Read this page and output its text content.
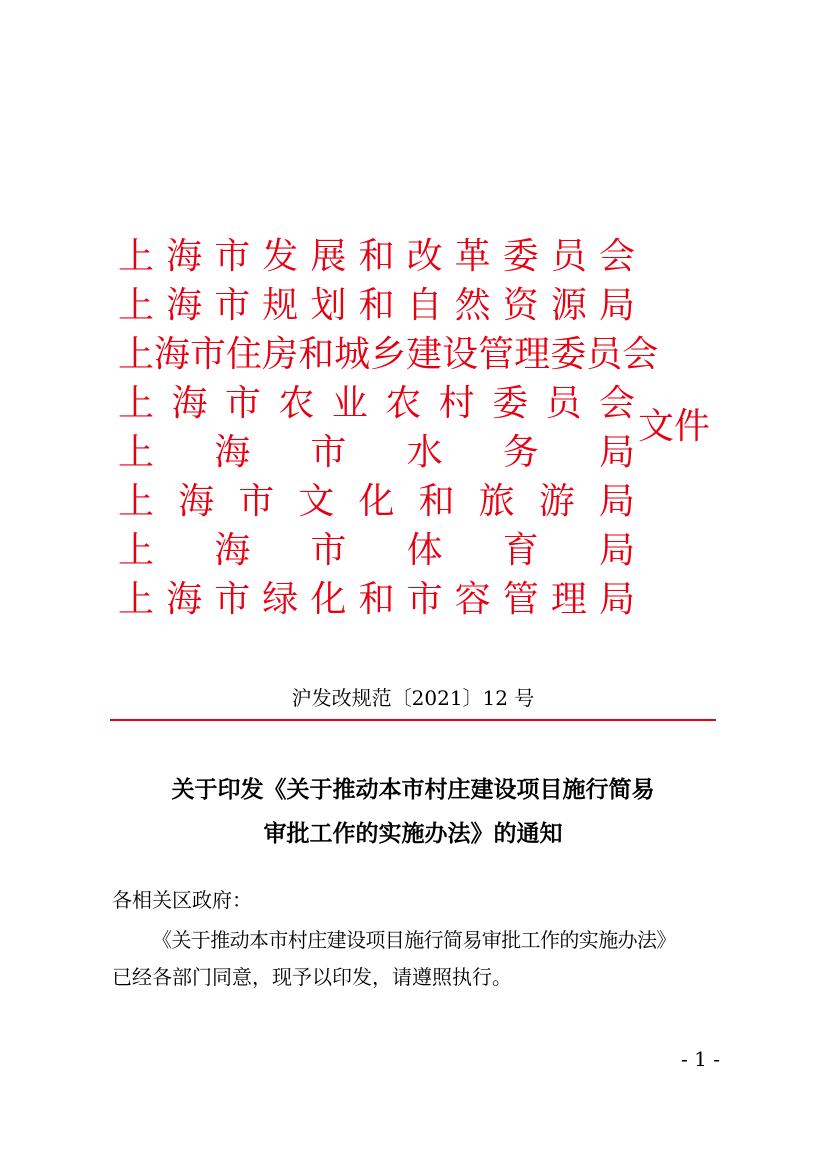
上 海 市 发 展 和 改 革 委 员 会
上 海 市 规 划 和 自 然 资 源 局
上 海 市 住 房 和 城 乡 建 设 管 理 委 员 会
上 海 市 农 业 农 村 委 员 会
上 海 市 水 务 局
上 海 市 文 化 和 旅 游 局
上 海 市 体 育 局
上 海 市 绿 化 和 市 容 管 理 局
文件
沪发改规范〔2021〕12 号
关于印发《关于推动本市村庄建设项目施行简易
审批工作的实施办法》的通知
各相关区政府：
《关于推动本市村庄建设项目施行简易审批工作的实施办法》
已经各部门同意，现予以印发，请遵照执行。
- 1 -
